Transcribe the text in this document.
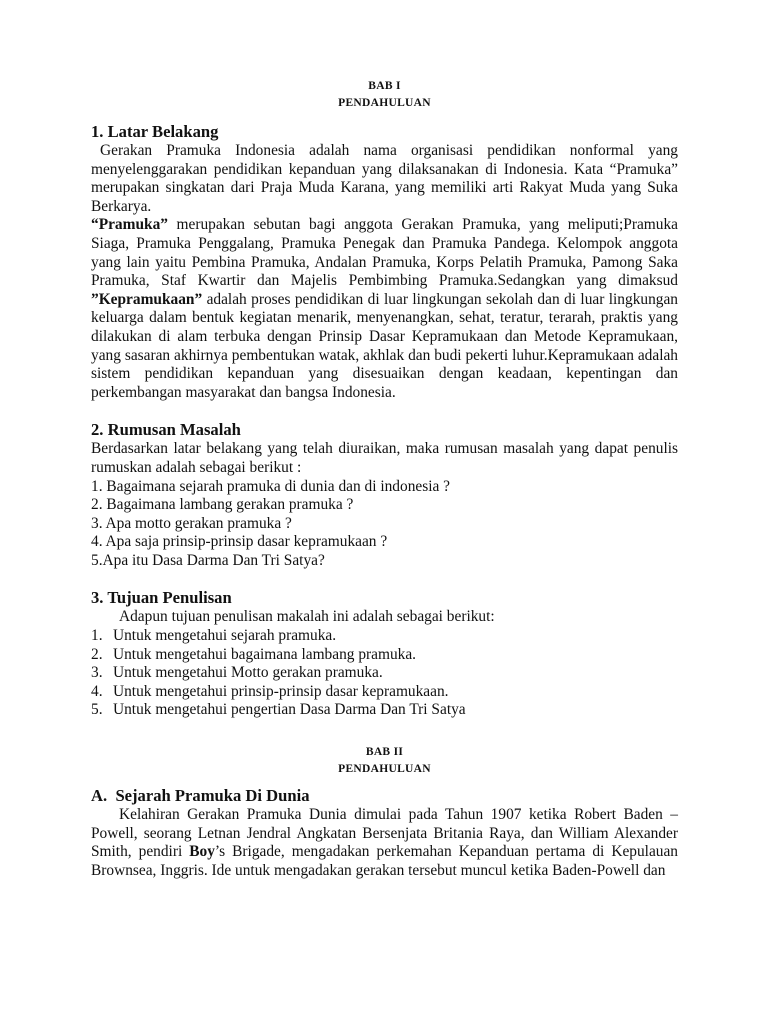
BAB I
PENDAHULUAN
1. Latar Belakang

Gerakan Pramuka Indonesia adalah nama organisasi pendidikan nonformal yang menyelenggarakan pendidikan kepanduan yang dilaksanakan di Indonesia. Kata “Pramuka” merupakan singkatan dari Praja Muda Karana, yang memiliki arti Rakyat Muda yang Suka Berkarya.

“Pramuka” merupakan sebutan bagi anggota Gerakan Pramuka, yang meliputi;Pramuka Siaga, Pramuka Penggalang, Pramuka Penegak dan Pramuka Pandega. Kelompok anggota yang lain yaitu Pembina Pramuka, Andalan Pramuka, Korps Pelatih Pramuka, Pamong Saka Pramuka, Staf Kwartir dan Majelis Pembimbing Pramuka.Sedangkan yang dimaksud ”Kepramukaan” adalah proses pendidikan di luar lingkungan sekolah dan di luar lingkungan keluarga dalam bentuk kegiatan menarik, menyenangkan, sehat, teratur, terarah, praktis yang dilakukan di alam terbuka dengan Prinsip Dasar Kepramukaan dan Metode Kepramukaan, yang sasaran akhirnya pembentukan watak, akhlak dan budi pekerti luhur.Kepramukaan adalah sistem pendidikan kepanduan yang disesuaikan dengan keadaan, kepentingan dan perkembangan masyarakat dan bangsa Indonesia.

2. Rumusan Masalah

Berdasarkan latar belakang yang telah diuraikan, maka rumusan masalah yang dapat penulis rumuskan adalah sebagai berikut :

1. Bagaimana sejarah pramuka di dunia dan di indonesia ?
2. Bagaimana lambang gerakan pramuka ?
3. Apa motto gerakan pramuka ?
4. Apa saja prinsip-prinsip dasar kepramukaan ?
5.Apa itu Dasa Darma Dan Tri Satya?
3. Tujuan Penulisan

Adapun tujuan penulisan makalah ini adalah sebagai berikut:

1. Untuk mengetahui sejarah pramuka.
2. Untuk mengetahui bagaimana lambang pramuka.
3. Untuk mengetahui Motto gerakan pramuka.
4. Untuk mengetahui prinsip-prinsip dasar kepramukaan.
5. Untuk mengetahui pengertian Dasa Darma Dan Tri Satya
BAB II
PENDAHULUAN
A. Sejarah Pramuka Di Dunia

Kelahiran Gerakan Pramuka Dunia dimulai pada Tahun 1907 ketika Robert Baden – Powell, seorang Letnan Jendral Angkatan Bersenjata Britania Raya, dan William Alexander Smith, pendiri Boy’s Brigade, mengadakan perkemahan Kepanduan pertama di Kepulauan Brownsea, Inggris. Ide untuk mengadakan gerakan tersebut muncul ketika Baden-Powell dan
